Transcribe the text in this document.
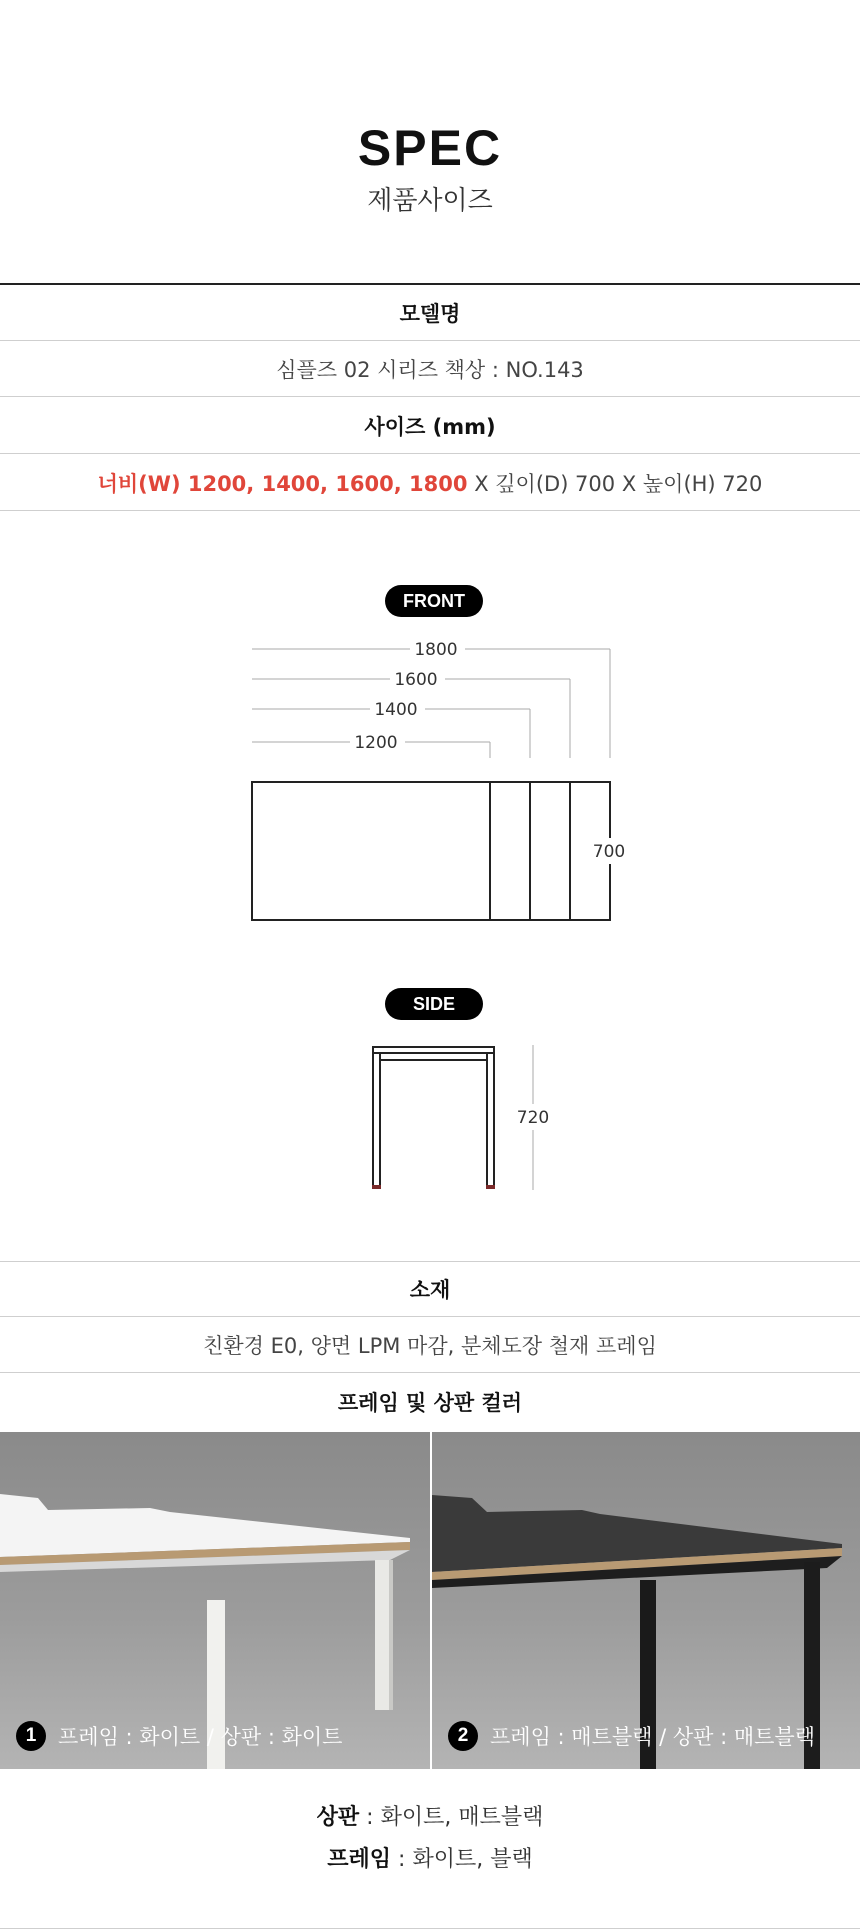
SPEC
제품사이즈
모델명
심플즈 02 시리즈 책상 : NO.143
사이즈 (mm)
너비(W) 1200, 1400, 1600, 1800 X 깊이(D) 700 X 높이(H) 720
FRONT
1800
1600
1400
1200
700
SIDE
720
소재
친환경 E0, 양면 LPM 마감, 분체도장 철재 프레임
프레임 및 상판 컬러
1	프레임 : 화이트 / 상판 : 화이트	2	프레임 : 매트블랙 / 상판 : 매트블랙
상판 : 화이트, 매트블랙
프레임 : 화이트, 블랙
